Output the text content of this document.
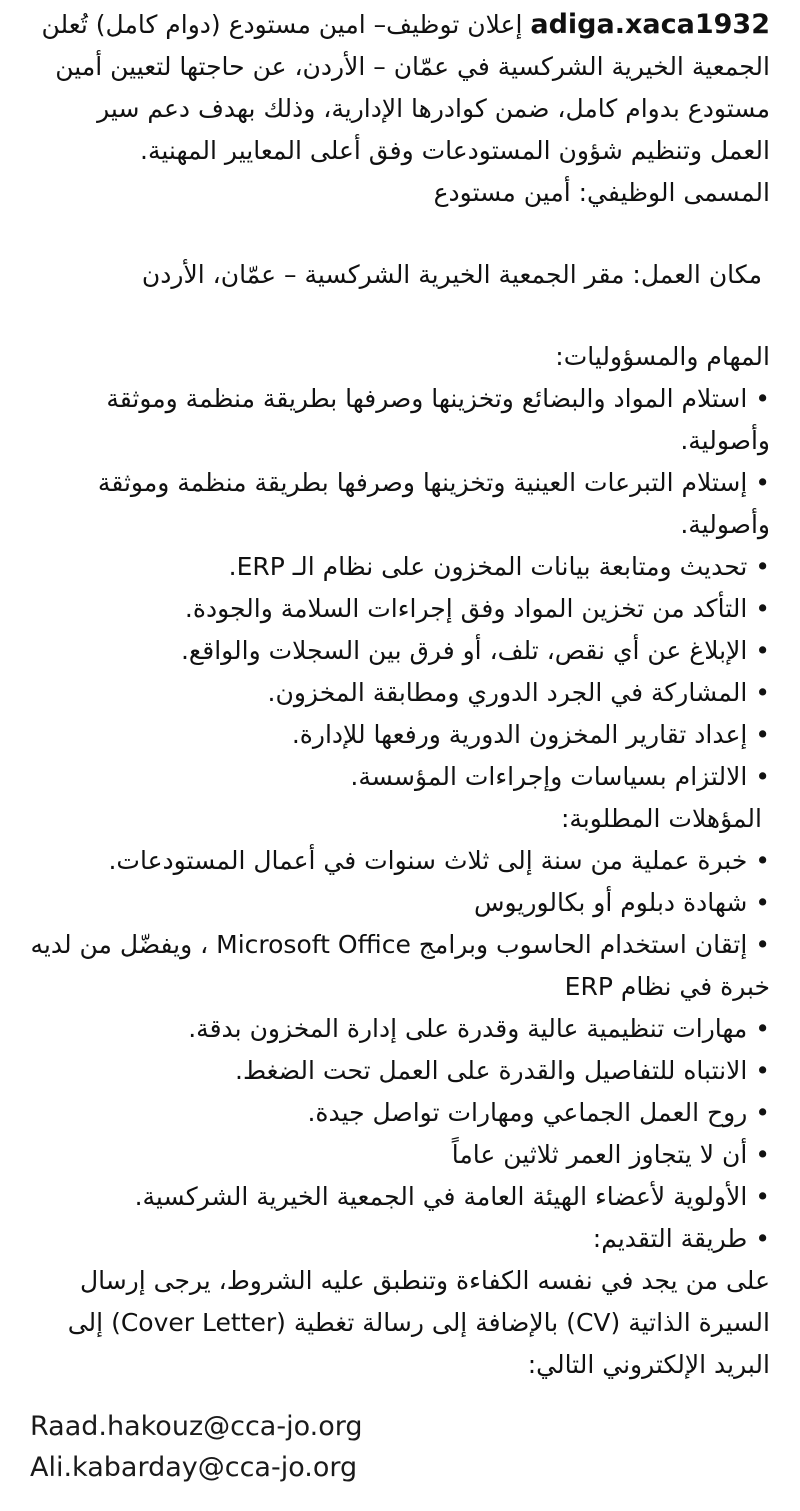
adiga.xaca1932 إعلان توظيف– امين مستودع (دوام كامل) تُعلن الجمعية الخيرية الشركسية في عمّان – الأردن، عن حاجتها لتعيين أمين مستودع بدوام كامل، ضمن كوادرها الإدارية، وذلك بهدف دعم سير العمل وتنظيم شؤون المستودعات وفق أعلى المعايير المهنية.

المسمى الوظيفي: أمين مستودع

مكان العمل: مقر الجمعية الخيرية الشركسية – عمّان، الأردن

المهام والمسؤوليات:

• استلام المواد والبضائع وتخزينها وصرفها بطريقة منظمة وموثقة وأصولية.
• إستلام التبرعات العينية وتخزينها وصرفها بطريقة منظمة وموثقة وأصولية.
• تحديث ومتابعة بيانات المخزون على نظام الـ ERP.
• التأكد من تخزين المواد وفق إجراءات السلامة والجودة.
• الإبلاغ عن أي نقص، تلف، أو فرق بين السجلات والواقع.
• المشاركة في الجرد الدوري ومطابقة المخزون.
• إعداد تقارير المخزون الدورية ورفعها للإدارة.
• الالتزام بسياسات وإجراءات المؤسسة.

المؤهلات المطلوبة:

• خبرة عملية من سنة إلى ثلاث سنوات في أعمال المستودعات.
• شهادة دبلوم أو بكالوريوس
• إتقان استخدام الحاسوب وبرامج Microsoft Office ، ويفضّل من لديه خبرة في نظام ERP
• مهارات تنظيمية عالية وقدرة على إدارة المخزون بدقة.
• الانتباه للتفاصيل والقدرة على العمل تحت الضغط.
• روح العمل الجماعي ومهارات تواصل جيدة.
• أن لا يتجاوز العمر ثلاثين عاماً
• الأولوية لأعضاء الهيئة العامة في الجمعية الخيرية الشركسية.

• طريقة التقديم:

على من يجد في نفسه الكفاءة وتنطبق عليه الشروط، يرجى إرسال السيرة الذاتية (CV) بالإضافة إلى رسالة تغطية (Cover Letter) إلى البريد الإلكتروني التالي:

Raad.hakouz@cca-jo.org
Ali.kabarday@cca-jo.org
